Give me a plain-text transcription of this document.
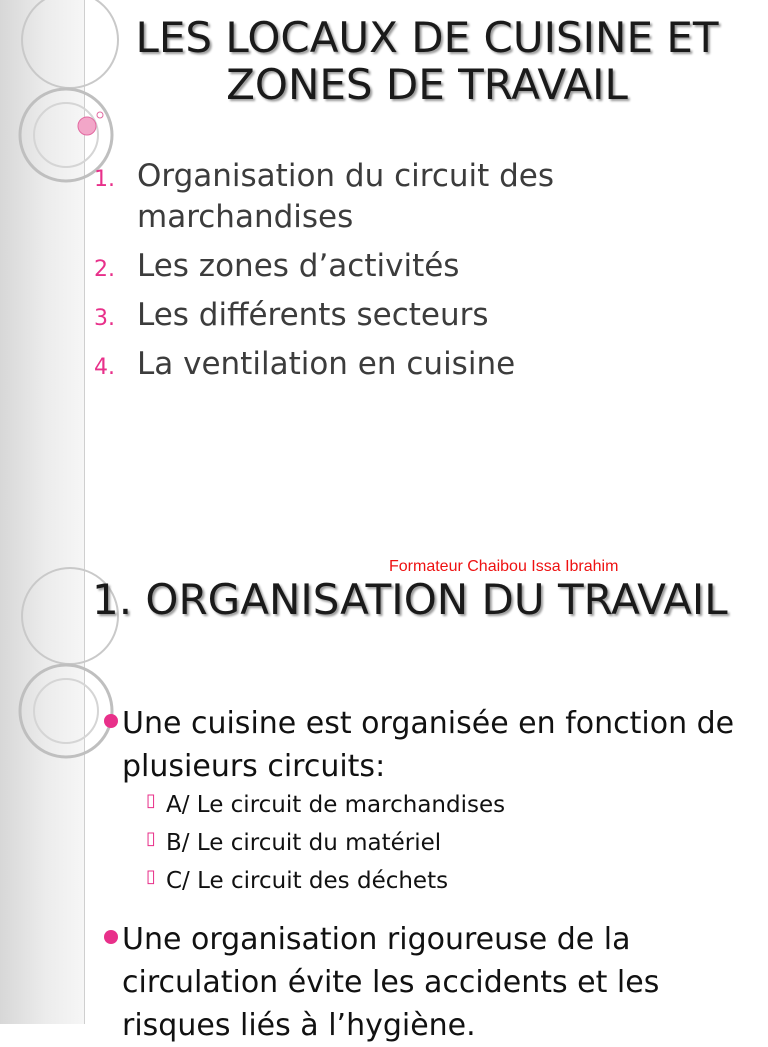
LES LOCAUX DE CUISINE ET ZONES DE TRAVAIL
1. Organisation du circuit des marchandises
2. Les zones d’activités
3. Les différents secteurs
4. La ventilation en cuisine
Formateur Chaibou Issa Ibrahim
1. ORGANISATION DU TRAVAIL
Une cuisine est organisée en fonction de plusieurs circuits:
▯ A/ Le circuit de marchandises
▯ B/ Le circuit du matériel
▯ C/ Le circuit des déchets
Une organisation rigoureuse de la circulation évite les accidents et les risques liés à l’hygiène.
